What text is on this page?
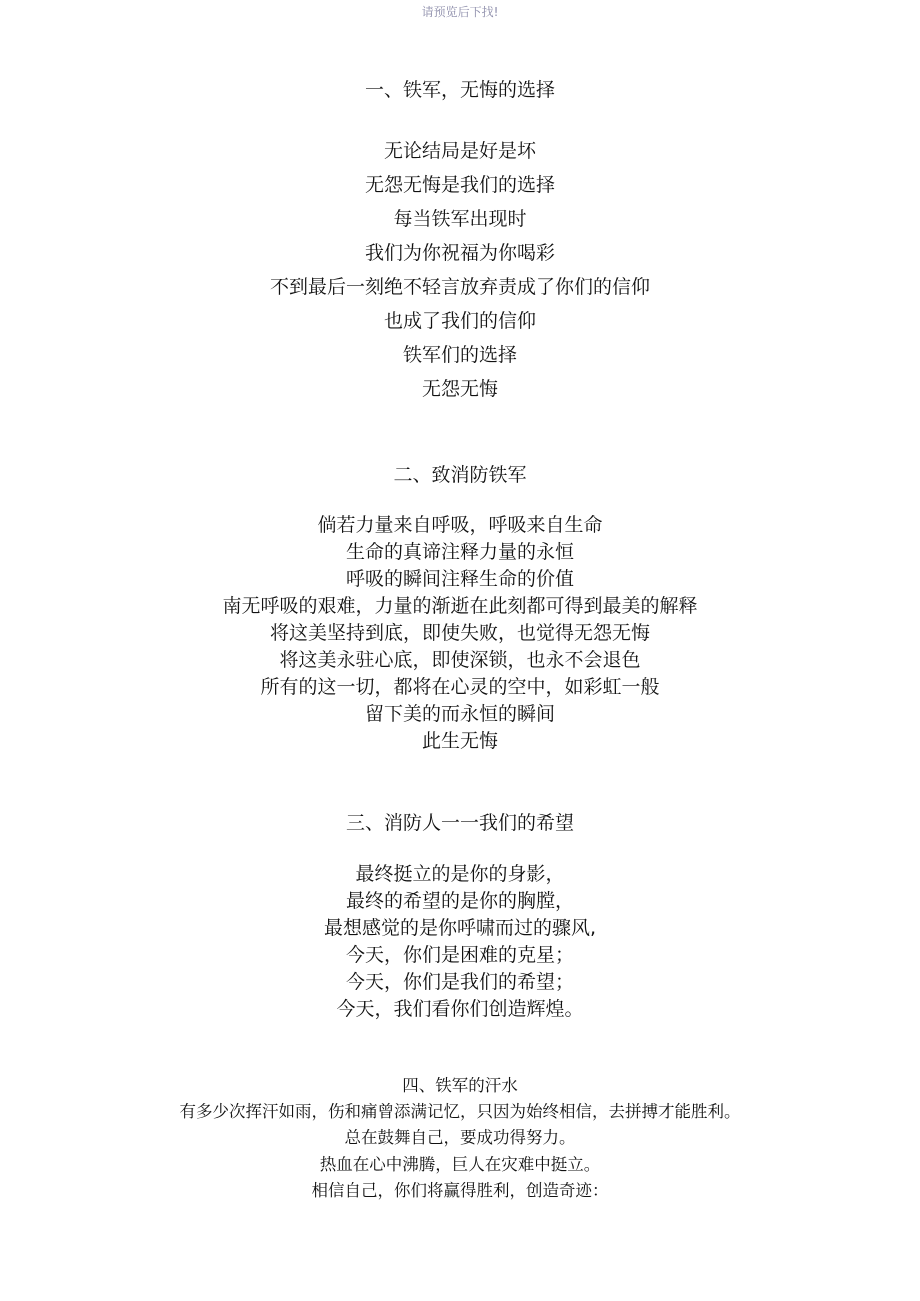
请预览后下找!
一、铁军，无悔的选择
无论结局是好是坏
无怨无悔是我们的选择
每当铁军出现时
我们为你祝福为你喝彩
不到最后一刻绝不轻言放弃责成了你们的信仰
也成了我们的信仰
铁军们的选择
无怨无悔
二、致消防铁军
倘若力量来自呼吸，呼吸来自生命
生命的真谛注释力量的永恒
呼吸的瞬间注释生命的价值
南无呼吸的艰难，力量的渐逝在此刻都可得到最美的解释
将这美坚持到底，即使失败，也觉得无怨无悔
将这美永驻心底，即使深锁，也永不会退色
所有的这一切，都将在心灵的空中，如彩虹一般
留下美的而永恒的瞬间
此生无悔
三、消防人一一我们的希望
最终挺立的是你的身影，
最终的希望的是你的胸膛，
最想感觉的是你呼啸而过的骤风,
今天，你们是困难的克星；
今天，你们是我们的希望；
今天，我们看你们创造辉煌。
四、铁军的汗水
有多少次挥汗如雨，伤和痛曾添满记忆，只因为始终相信，去拼搏才能胜利。
总在鼓舞自己，要成功得努力。
热血在心中沸腾，巨人在灾难中挺立。
相信自己，你们将赢得胜利，创造奇迹：
